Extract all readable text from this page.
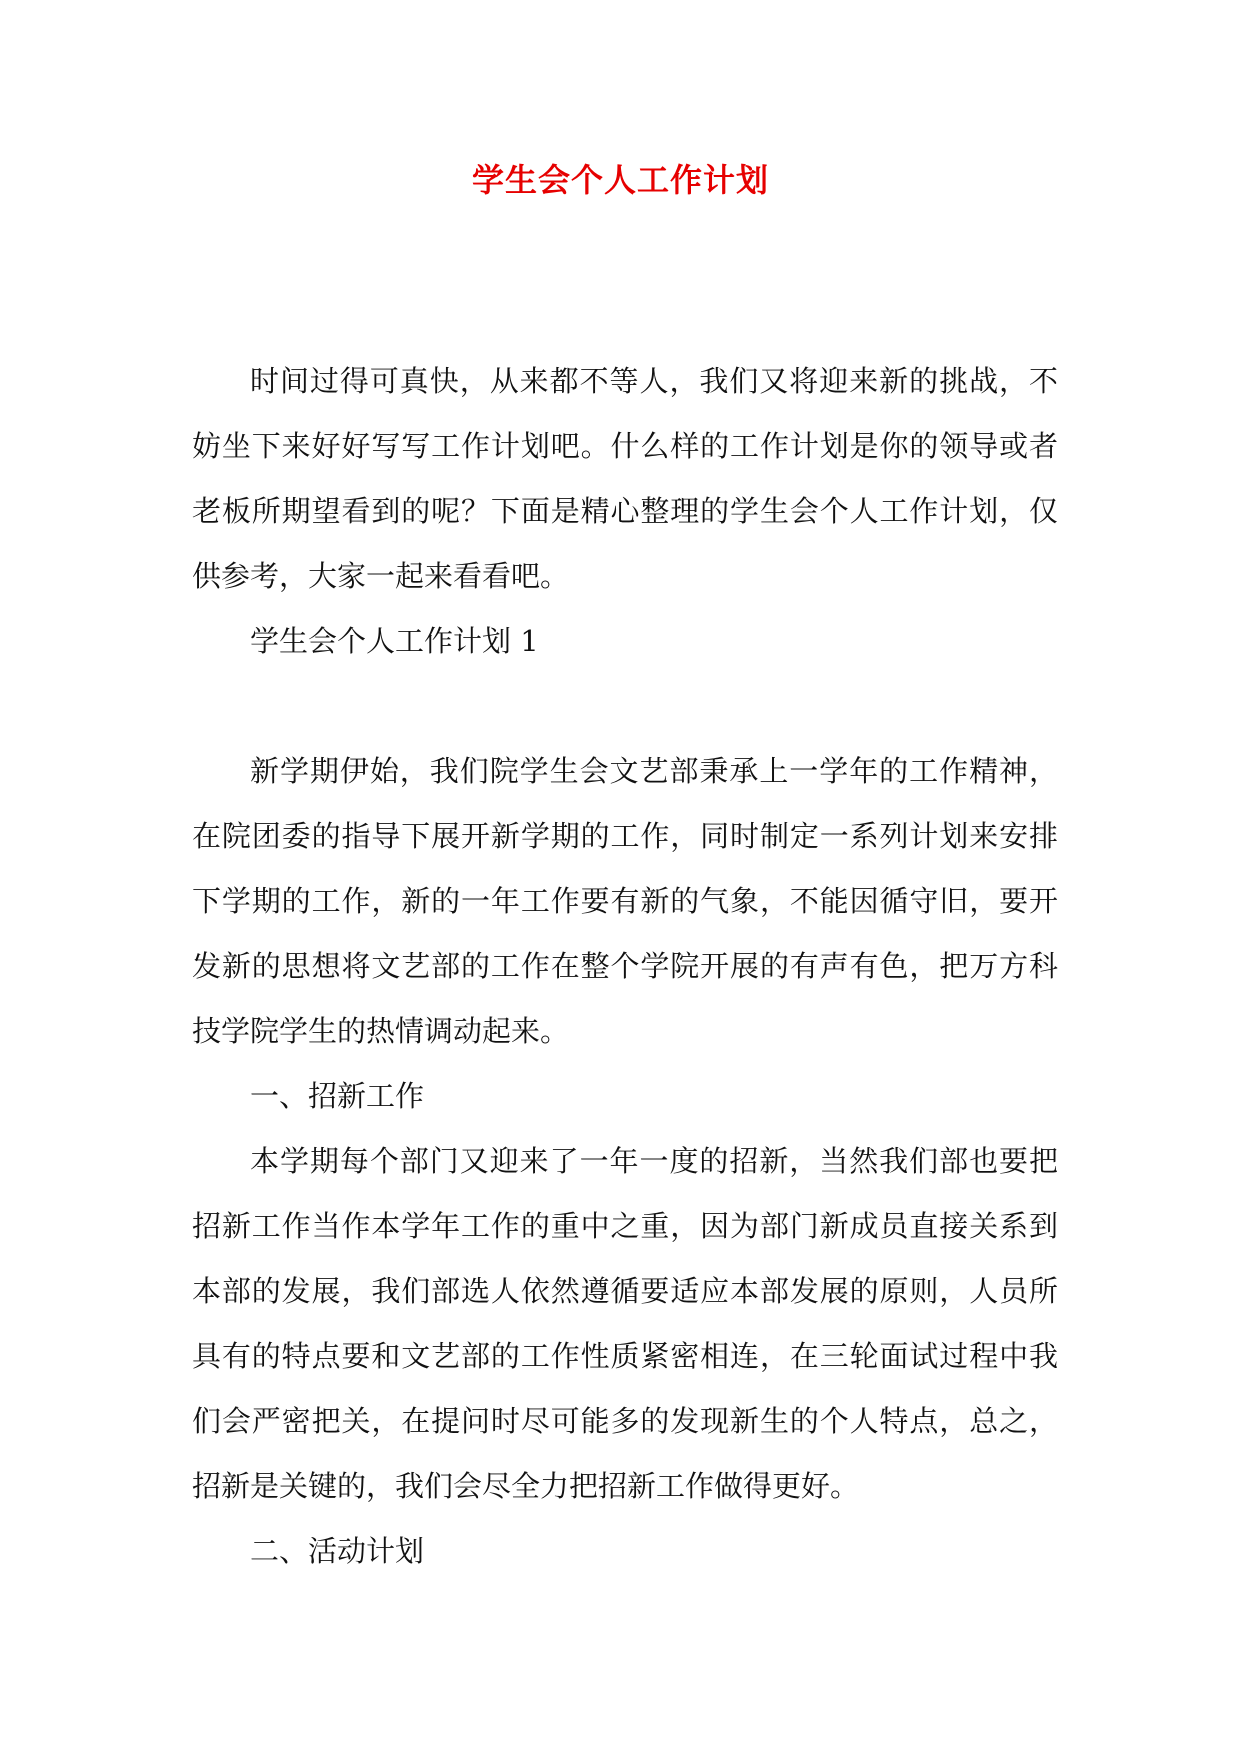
学生会个人工作计划

时间过得可真快，从来都不等人，我们又将迎来新的挑战，不妨坐下来好好写写工作计划吧。什么样的工作计划是你的领导或者老板所期望看到的呢？下面是精心整理的学生会个人工作计划，仅供参考，大家一起来看看吧。

学生会个人工作计划 1

新学期伊始，我们院学生会文艺部秉承上一学年的工作精神，在院团委的指导下展开新学期的工作，同时制定一系列计划来安排下学期的工作，新的一年工作要有新的气象，不能因循守旧，要开发新的思想将文艺部的工作在整个学院开展的有声有色，把万方科技学院学生的热情调动起来。

一、招新工作

本学期每个部门又迎来了一年一度的招新，当然我们部也要把招新工作当作本学年工作的重中之重，因为部门新成员直接关系到本部的发展，我们部选人依然遵循要适应本部发展的原则，人员所具有的特点要和文艺部的工作性质紧密相连，在三轮面试过程中我们会严密把关，在提问时尽可能多的发现新生的个人特点，总之，招新是关键的，我们会尽全力把招新工作做得更好。

二、活动计划
